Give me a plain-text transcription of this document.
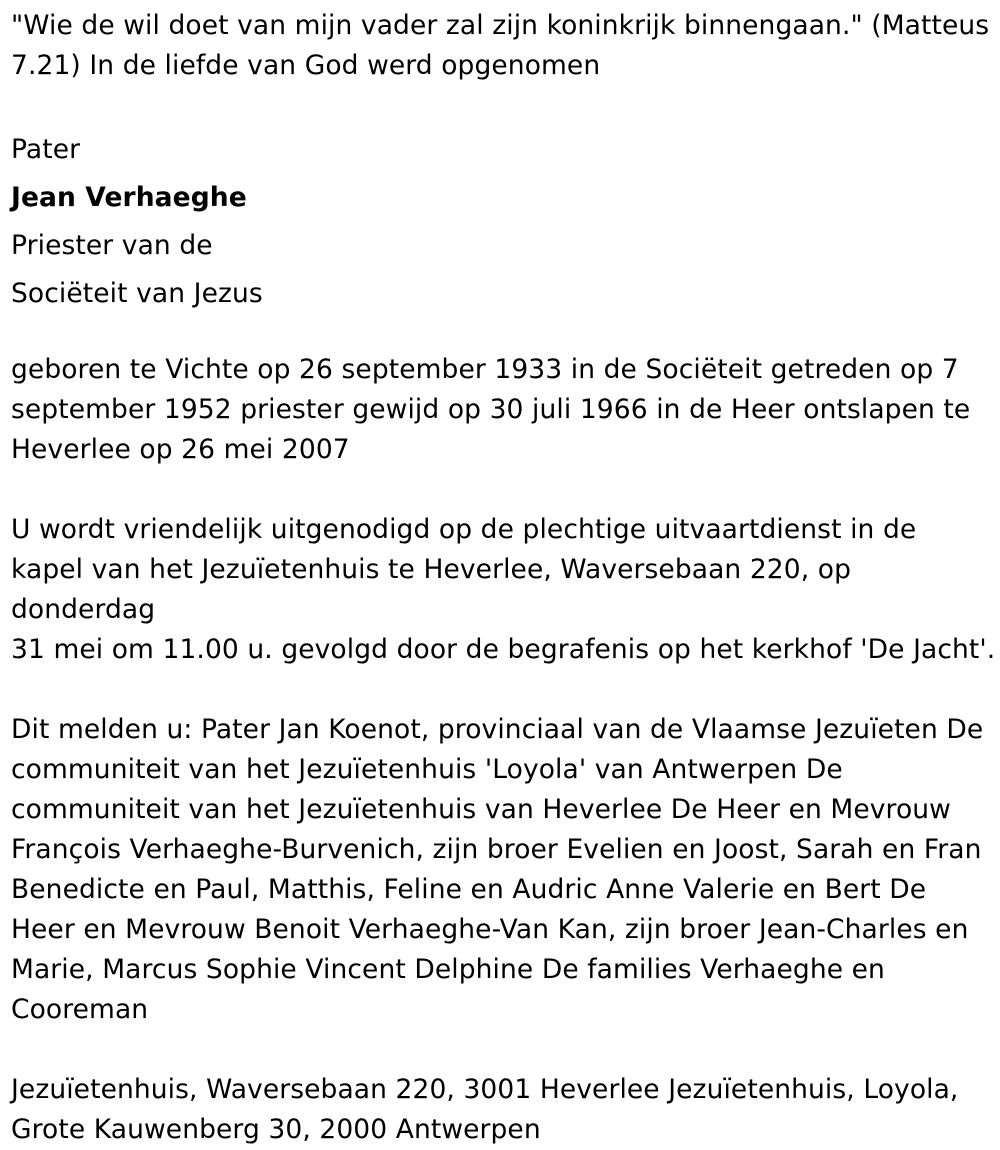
"Wie de wil doet van mijn vader zal zijn koninkrijk binnengaan." (Matteus
7.21) In de liefde van God werd opgenomen

Pater

Jean Verhaeghe

Priester van de

Sociëteit van Jezus

geboren te Vichte op 26 september 1933 in de Sociëteit getreden op 7
september 1952 priester gewijd op 30 juli 1966 in de Heer ontslapen te
Heverlee op 26 mei 2007

U wordt vriendelijk uitgenodigd op de plechtige uitvaartdienst in de
kapel van het Jezuïetenhuis te Heverlee, Waversebaan 220, op donderdag
31 mei om 11.00 u. gevolgd door de begrafenis op het kerkhof 'De Jacht'.

Dit melden u: Pater Jan Koenot, provinciaal van de Vlaamse Jezuïeten De
communiteit van het Jezuïetenhuis 'Loyola' van Antwerpen De
communiteit van het Jezuïetenhuis van Heverlee De Heer en Mevrouw
François Verhaeghe-Burvenich, zijn broer Evelien en Joost, Sarah en Fran
Benedicte en Paul, Matthis, Feline en Audric Anne Valerie en Bert De
Heer en Mevrouw Benoit Verhaeghe-Van Kan, zijn broer Jean-Charles en
Marie, Marcus Sophie Vincent Delphine De families Verhaeghe en
Cooreman

Jezuïetenhuis, Waversebaan 220, 3001 Heverlee Jezuïetenhuis, Loyola,
Grote Kauwenberg 30, 2000 Antwerpen
